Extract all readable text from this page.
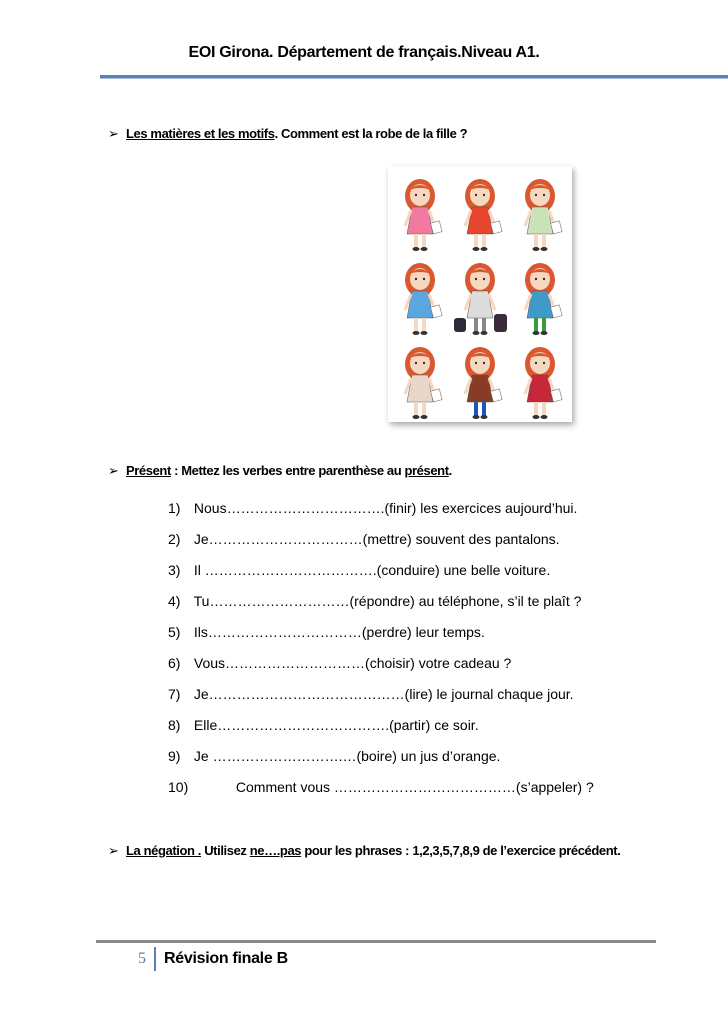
EOI Girona. Département de français.Niveau A1.
➢ Les matières et les motifs. Comment est la robe de la fille ?
➢ Présent : Mettez les verbes entre parenthèse au présent.
1) Nous…………………………….(finir) les exercices aujourd’hui.
2) Je……………………………(mettre) souvent des pantalons.
3) Il ……………………………….(conduire) une belle voiture.
4) Tu…………………………(répondre) au téléphone, s’il te plaît ?
5) Ils……………………………(perdre) leur temps.
6) Vous…………………………(choisir) votre cadeau ?
7) Je……………………………………(lire) le journal chaque jour.
8) Elle……………………………….(partir) ce soir.
9) Je ……………………….…(boire) un jus d’orange.
10)	Comment vous …………………………………(s’appeler) ?
➢ La négation . Utilisez ne….pas pour les phrases : 1,2,3,5,7,8,9 de l’exercice précédent.
5	Révision finale B
